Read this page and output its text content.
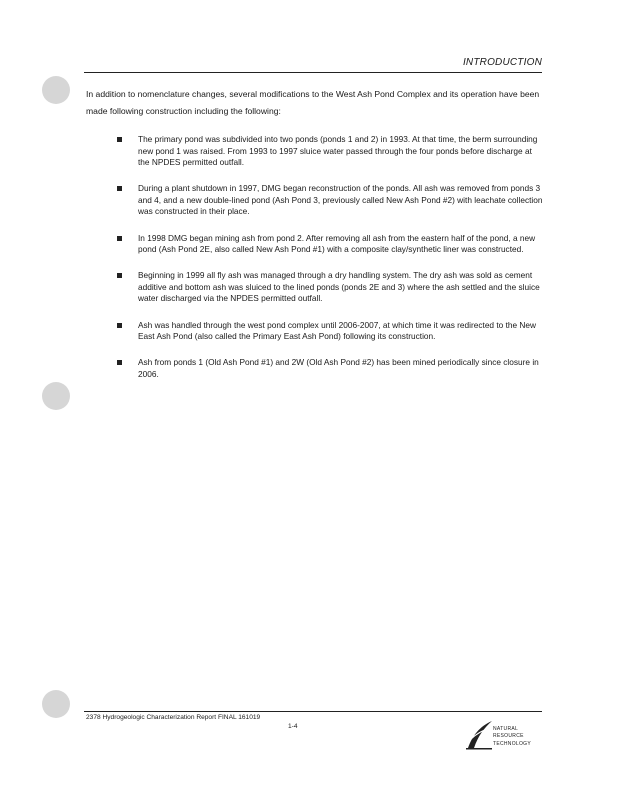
INTRODUCTION

In addition to nomenclature changes, several modifications to the West Ash Pond Complex and its operation have been made following construction including the following:

The primary pond was subdivided into two ponds (ponds 1 and 2) in 1993. At that time, the berm surrounding new pond 1 was raised. From 1993 to 1997 sluice water passed through the four ponds before discharge at the NPDES permitted outfall.
During a plant shutdown in 1997, DMG began reconstruction of the ponds. All ash was removed from ponds 3 and 4, and a new double-lined pond (Ash Pond 3, previously called New Ash Pond #2) with leachate collection was constructed in their place.
In 1998 DMG began mining ash from pond 2. After removing all ash from the eastern half of the pond, a new pond (Ash Pond 2E, also called New Ash Pond #1) with a composite clay/synthetic liner was constructed.
Beginning in 1999 all fly ash was managed through a dry handling system. The dry ash was sold as cement additive and bottom ash was sluiced to the lined ponds (ponds 2E and 3) where the ash settled and the sluice water discharged via the NPDES permitted outfall.
Ash was handled through the west pond complex until 2006-2007, at which time it was redirected to the New East Ash Pond (also called the Primary East Ash Pond) following its construction.
Ash from ponds 1 (Old Ash Pond #1) and 2W (Old Ash Pond #2) has been mined periodically since closure in 2006.
2378 Hydrogeologic Characterization Report FINAL 161019
1-4	NATURAL
RESOURCE
TECHNOLOGY
